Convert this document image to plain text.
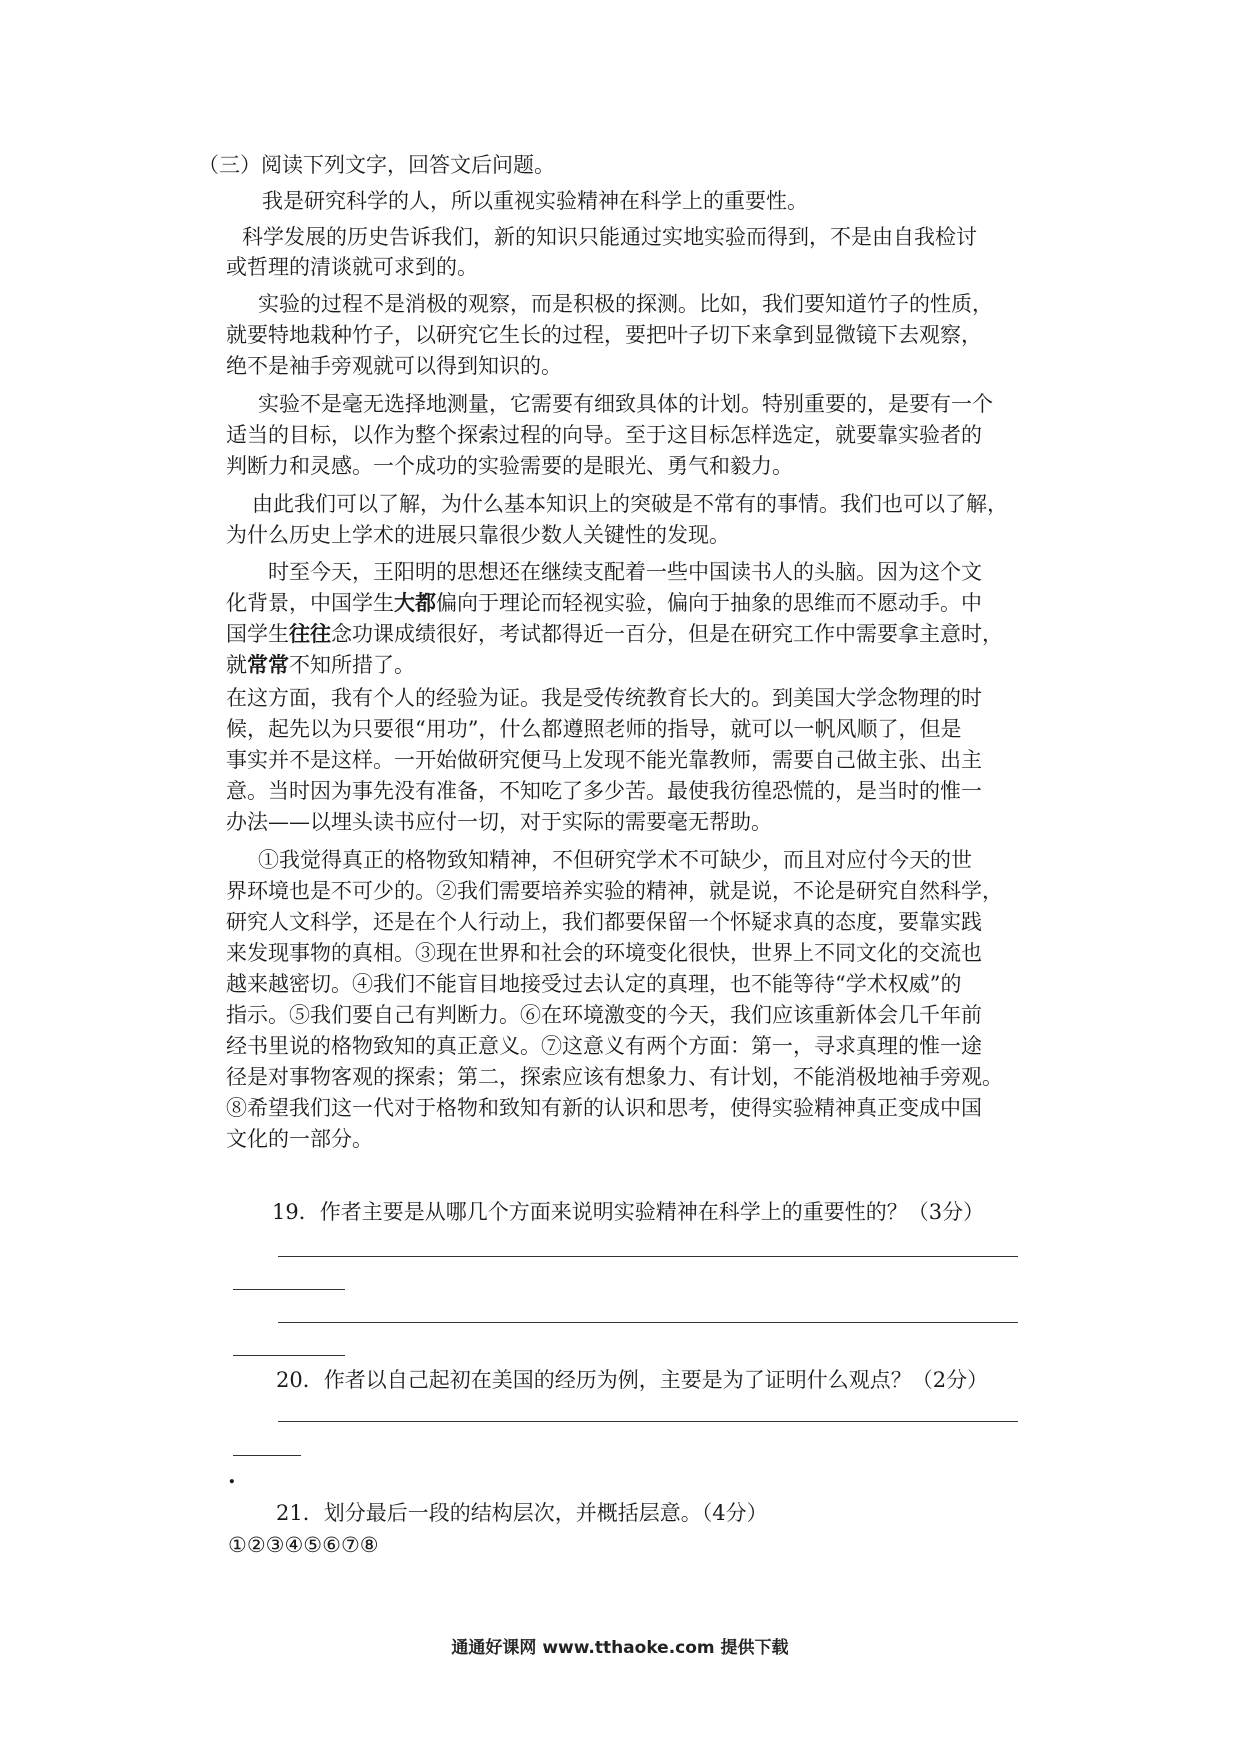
（三）阅读下列文字，回答文后问题。
我是研究科学的人，所以重视实验精神在科学上的重要性。
科学发展的历史告诉我们，新的知识只能通过实地实验而得到，不是由自我检讨
或哲理的清谈就可求到的。
实验的过程不是消极的观察，而是积极的探测。比如，我们要知道竹子的性质，
就要特地栽种竹子，以研究它生长的过程，要把叶子切下来拿到显微镜下去观察，
绝不是袖手旁观就可以得到知识的。
实验不是毫无选择地测量，它需要有细致具体的计划。特别重要的，是要有一个
适当的目标，以作为整个探索过程的向导。至于这目标怎样选定，就要靠实验者的
判断力和灵感。一个成功的实验需要的是眼光、勇气和毅力。
由此我们可以了解，为什么基本知识上的突破是不常有的事情。我们也可以了解，
为什么历史上学术的进展只靠很少数人关键性的发现。
时至今天，王阳明的思想还在继续支配着一些中国读书人的头脑。因为这个文
化背景，中国学生大都偏向于理论而轻视实验，偏向于抽象的思维而不愿动手。中
国学生往往念功课成绩很好，考试都得近一百分，但是在研究工作中需要拿主意时，
就常常不知所措了。
在这方面，我有个人的经验为证。我是受传统教育长大的。到美国大学念物理的时
候，起先以为只要很“用功”，什么都遵照老师的指导，就可以一帆风顺了，但是
事实并不是这样。一开始做研究便马上发现不能光靠教师，需要自己做主张、出主
意。当时因为事先没有准备，不知吃了多少苦。最使我彷徨恐慌的，是当时的惟一
办法——以埋头读书应付一切，对于实际的需要毫无帮助。
①我觉得真正的格物致知精神，不但研究学术不可缺少，而且对应付今天的世
界环境也是不可少的。②我们需要培养实验的精神，就是说，不论是研究自然科学，
研究人文科学，还是在个人行动上，我们都要保留一个怀疑求真的态度，要靠实践
来发现事物的真相。③现在世界和社会的环境变化很快，世界上不同文化的交流也
越来越密切。④我们不能盲目地接受过去认定的真理，也不能等待“学术权威”的
指示。⑤我们要自己有判断力。⑥在环境激变的今天，我们应该重新体会几千年前
经书里说的格物致知的真正意义。⑦这意义有两个方面：第一，寻求真理的惟一途
径是对事物客观的探索；第二，探索应该有想象力、有计划，不能消极地袖手旁观。
⑧希望我们这一代对于格物和致知有新的认识和思考，使得实验精神真正变成中国
文化的一部分。
19．作者主要是从哪几个方面来说明实验精神在科学上的重要性的？（3分）
20．作者以自己起初在美国的经历为例，主要是为了证明什么观点？（2分）
.
21．划分最后一段的结构层次，并概括层意。（4分）
①②③④⑤⑥⑦⑧
通通好课网 www.tthaoke.com 提供下载
